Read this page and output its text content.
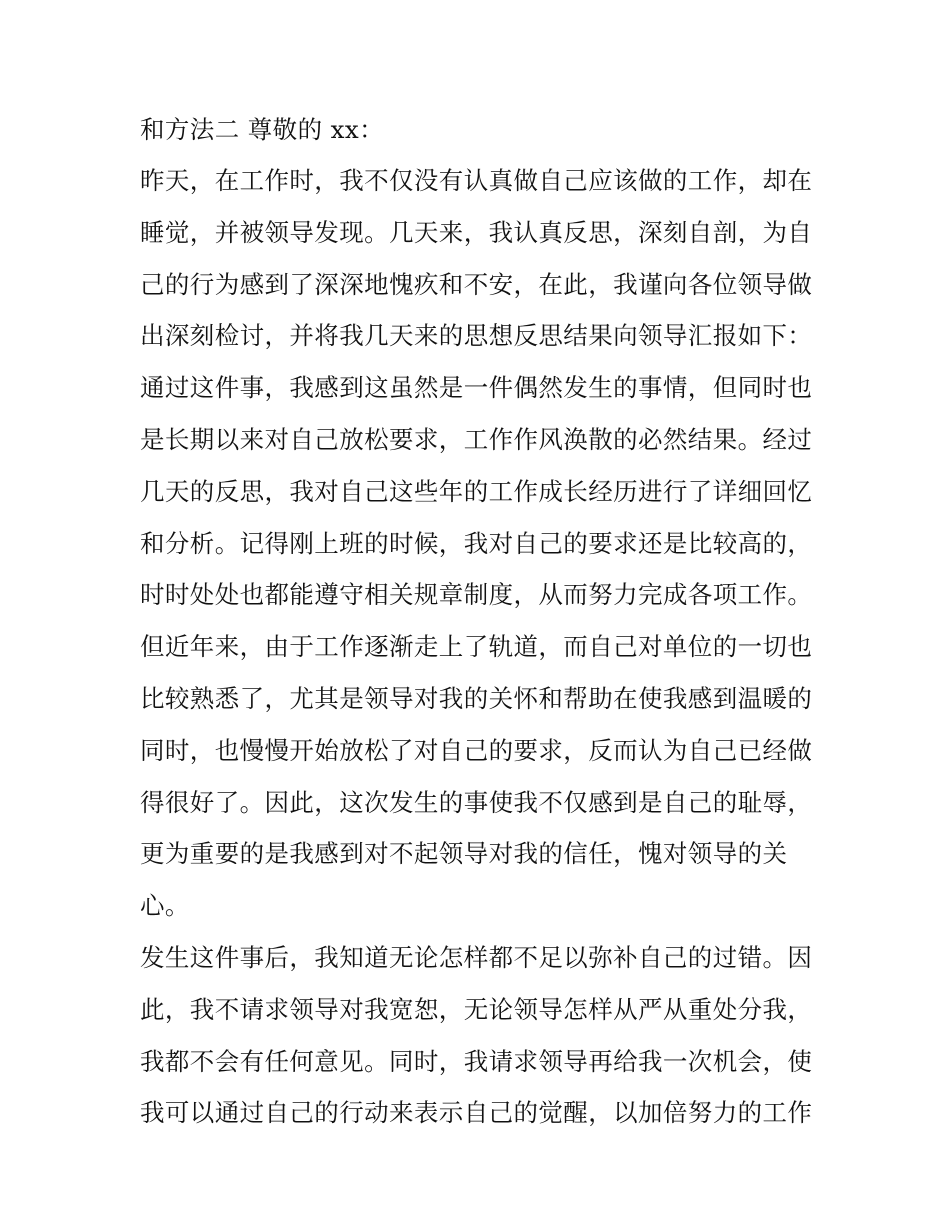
和方法二 尊敬的 xx：
昨天，在工作时，我不仅没有认真做自己应该做的工作，却在
睡觉，并被领导发现。几天来，我认真反思，深刻自剖，为自
己的行为感到了深深地愧疚和不安，在此，我谨向各位领导做
出深刻检讨，并将我几天来的思想反思结果向领导汇报如下：
通过这件事，我感到这虽然是一件偶然发生的事情，但同时也
是长期以来对自己放松要求，工作作风涣散的必然结果。经过
几天的反思，我对自己这些年的工作成长经历进行了详细回忆
和分析。记得刚上班的时候，我对自己的要求还是比较高的，
时时处处也都能遵守相关规章制度，从而努力完成各项工作。
但近年来，由于工作逐渐走上了轨道，而自己对单位的一切也
比较熟悉了，尤其是领导对我的关怀和帮助在使我感到温暖的
同时，也慢慢开始放松了对自己的要求，反而认为自己已经做
得很好了。因此，这次发生的事使我不仅感到是自己的耻辱，
更为重要的是我感到对不起领导对我的信任，愧对领导的关
心。
发生这件事后，我知道无论怎样都不足以弥补自己的过错。因
此，我不请求领导对我宽恕，无论领导怎样从严从重处分我，
我都不会有任何意见。同时，我请求领导再给我一次机会，使
我可以通过自己的行动来表示自己的觉醒，以加倍努力的工作
